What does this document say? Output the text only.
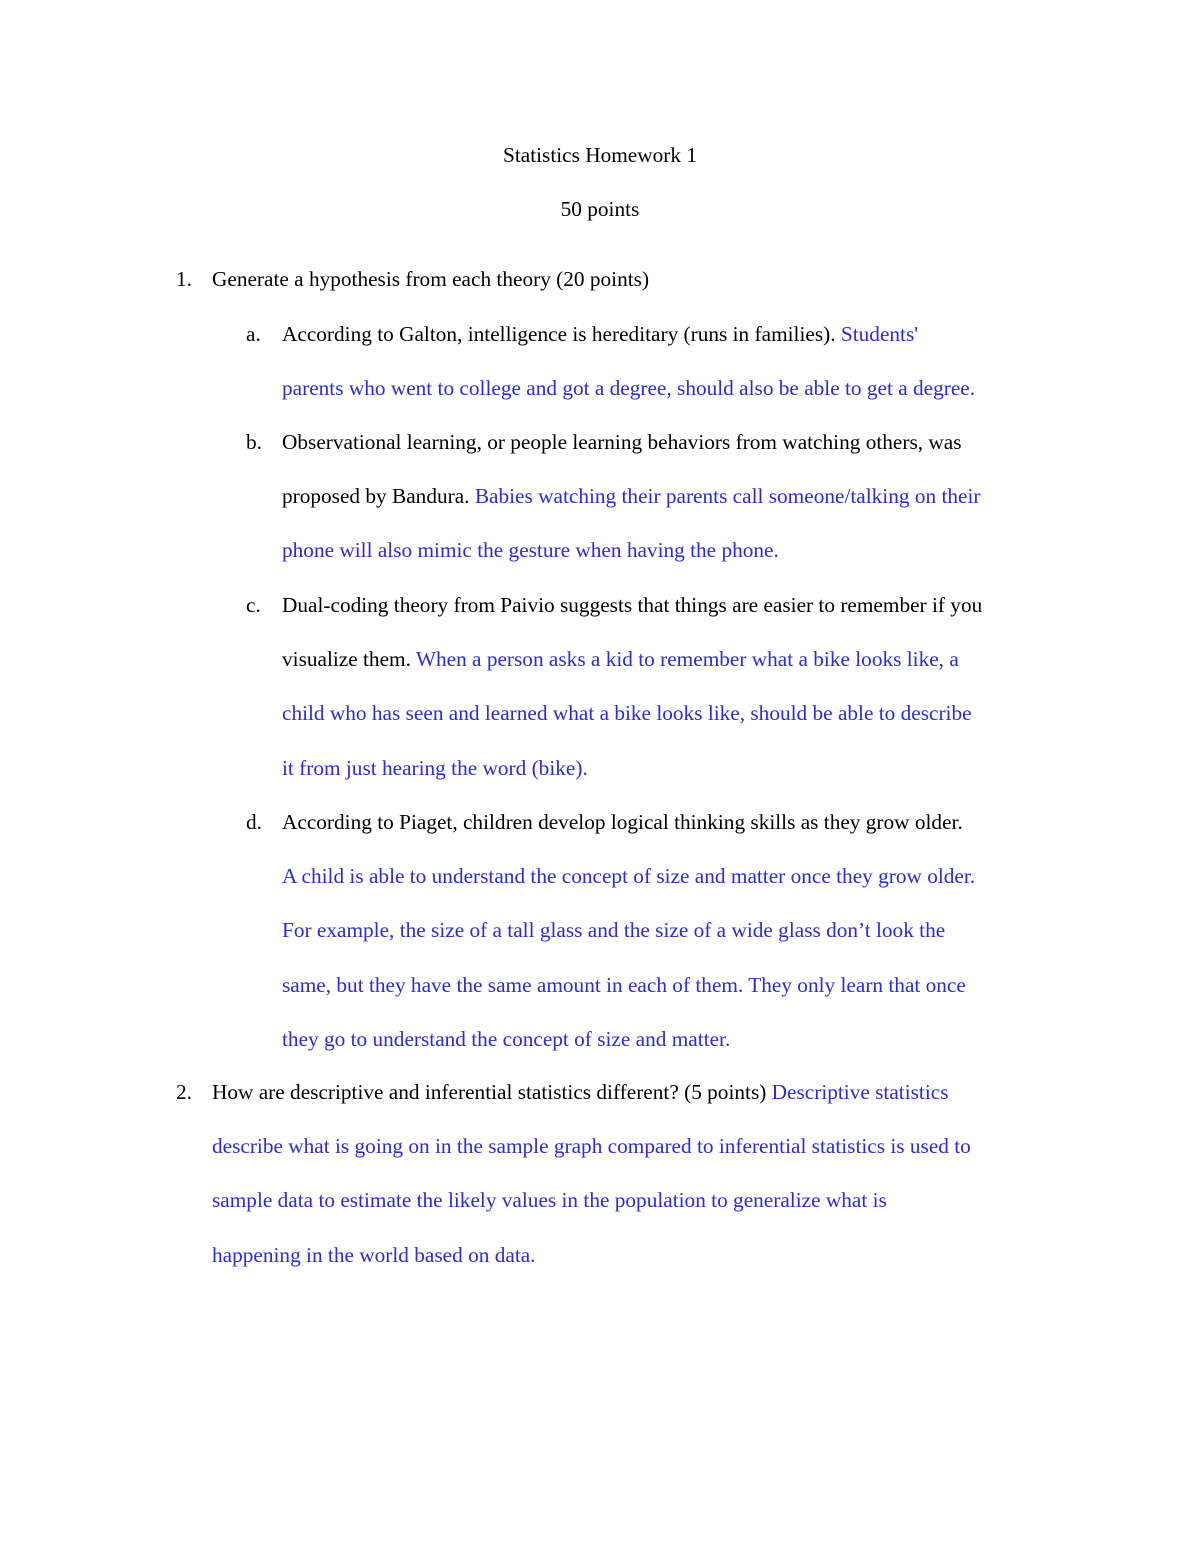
Statistics Homework 1
50 points
1. Generate a hypothesis from each theory (20 points)
a. According to Galton, intelligence is hereditary (runs in families). Students'
parents who went to college and got a degree, should also be able to get a degree.
b. Observational learning, or people learning behaviors from watching others, was
proposed by Bandura. Babies watching their parents call someone/talking on their
phone will also mimic the gesture when having the phone.
c. Dual-coding theory from Paivio suggests that things are easier to remember if you
visualize them. When a person asks a kid to remember what a bike looks like, a
child who has seen and learned what a bike looks like, should be able to describe
it from just hearing the word (bike).
d. According to Piaget, children develop logical thinking skills as they grow older.
A child is able to understand the concept of size and matter once they grow older.
For example, the size of a tall glass and the size of a wide glass don’t look the
same, but they have the same amount in each of them. They only learn that once
they go to understand the concept of size and matter.
2. How are descriptive and inferential statistics different? (5 points) Descriptive statistics
describe what is going on in the sample graph compared to inferential statistics is used to
sample data to estimate the likely values in the population to generalize what is
happening in the world based on data.
